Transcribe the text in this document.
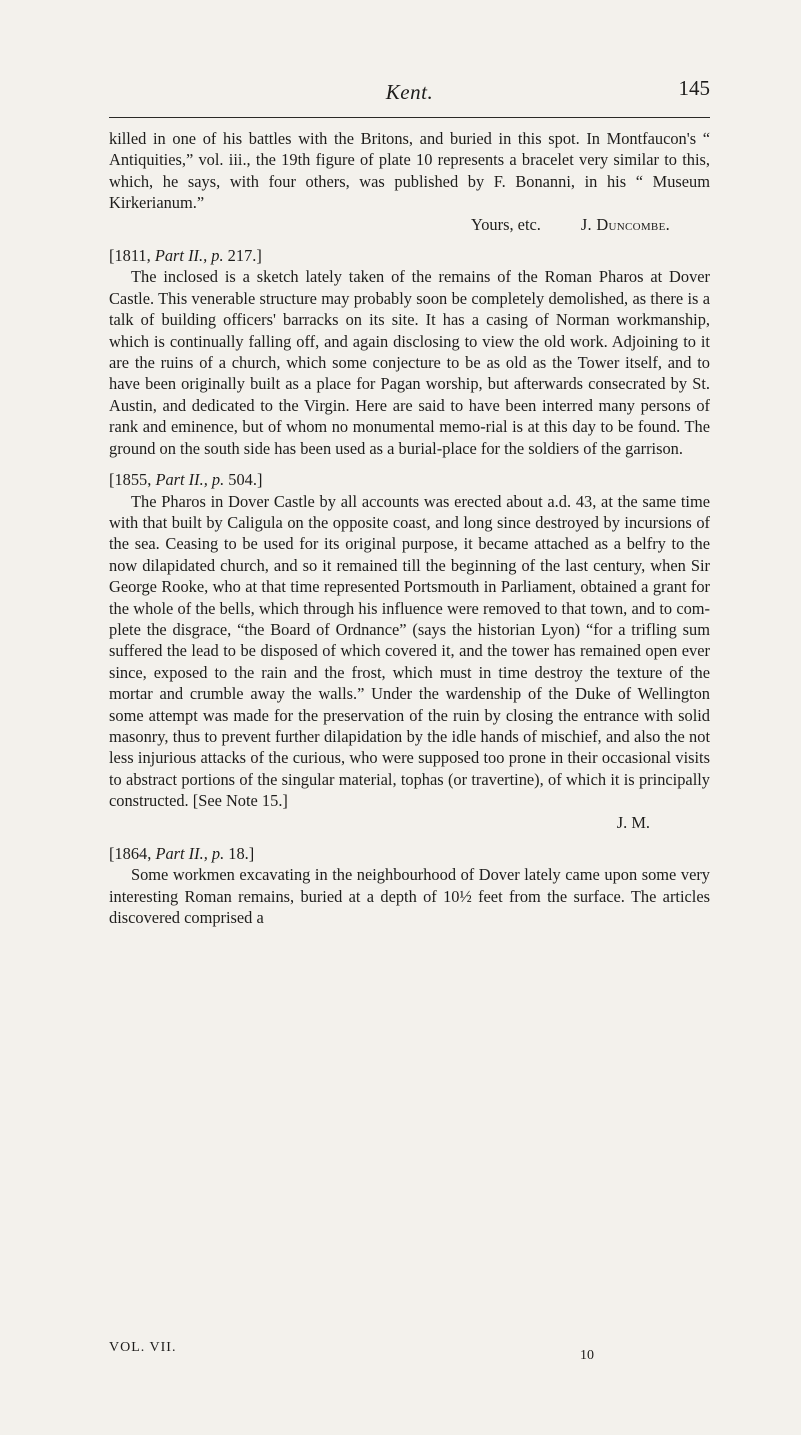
Kent.	145

killed in one of his battles with the Britons, and buried in this spot. In Montfaucon's “ Antiquities,” vol. iii., the 19th figure of plate 10 represents a bracelet very similar to this, which, he says, with four others, was published by F. Bonanni, in his “ Museum Kirkerianum.”

Yours, etc. J. Duncombe.

[1811, Part II., p. 217.]

The inclosed is a sketch lately taken of the remains of the Roman Pharos at Dover Castle. This venerable structure may probably soon be completely demolished, as there is a talk of building officers' barracks on its site. It has a casing of Norman workmanship, which is continually falling off, and again disclosing to view the old work. Adjoining to it are the ruins of a church, which some conjecture to be as old as the Tower itself, and to have been originally built as a place for Pagan worship, but afterwards consecrated by St. Austin, and dedicated to the Virgin. Here are said to have been interred many persons of rank and eminence, but of whom no monumental memo-rial is at this day to be found. The ground on the south side has been used as a burial-place for the soldiers of the garrison.

[1855, Part II., p. 504.]

The Pharos in Dover Castle by all accounts was erected about a.d. 43, at the same time with that built by Caligula on the opposite coast, and long since destroyed by incursions of the sea. Ceasing to be used for its original purpose, it became attached as a belfry to the now dilapidated church, and so it remained till the beginning of the last century, when Sir George Rooke, who at that time represented Portsmouth in Parliament, obtained a grant for the whole of the bells, which through his influence were removed to that town, and to com-plete the disgrace, “the Board of Ordnance” (says the historian Lyon) “for a trifling sum suffered the lead to be disposed of which covered it, and the tower has remained open ever since, exposed to the rain and the frost, which must in time destroy the texture of the mortar and crumble away the walls.” Under the wardenship of the Duke of Wellington some attempt was made for the preservation of the ruin by closing the entrance with solid masonry, thus to prevent further dilapidation by the idle hands of mischief, and also the not less injurious attacks of the curious, who were supposed too prone in their occasional visits to abstract portions of the singular material, tophas (or travertine), of which it is principally constructed. [See Note 15.]

J. M.

[1864, Part II., p. 18.]

Some workmen excavating in the neighbourhood of Dover lately came upon some very interesting Roman remains, buried at a depth of 10½ feet from the surface. The articles discovered comprised a

VOL. VII.
10
